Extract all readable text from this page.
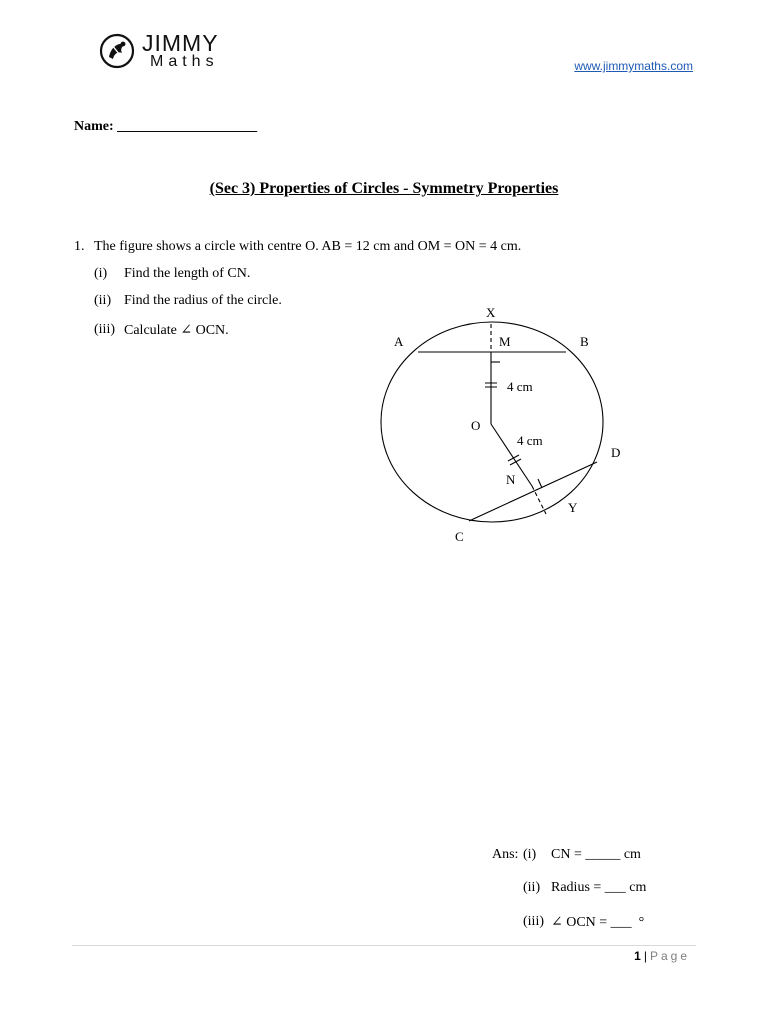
JIMMY
Maths	www.jimmymaths.com
Name: ____________________
(Sec 3) Properties of Circles - Symmetry Properties
1. The figure shows a circle with centre O. AB = 12 cm and OM = ON = 4 cm.
(i) Find the length of CN.
(ii) Find the radius of the circle.
(iii) Calculate ∠ OCN.
X
M
A	B
4 cm
O
4 cm
D
N
Y
C
Ans: (i) CN = _____ cm
(ii) Radius = ___ cm
(iii) ∠ OCN = ___  °
1 | Page
